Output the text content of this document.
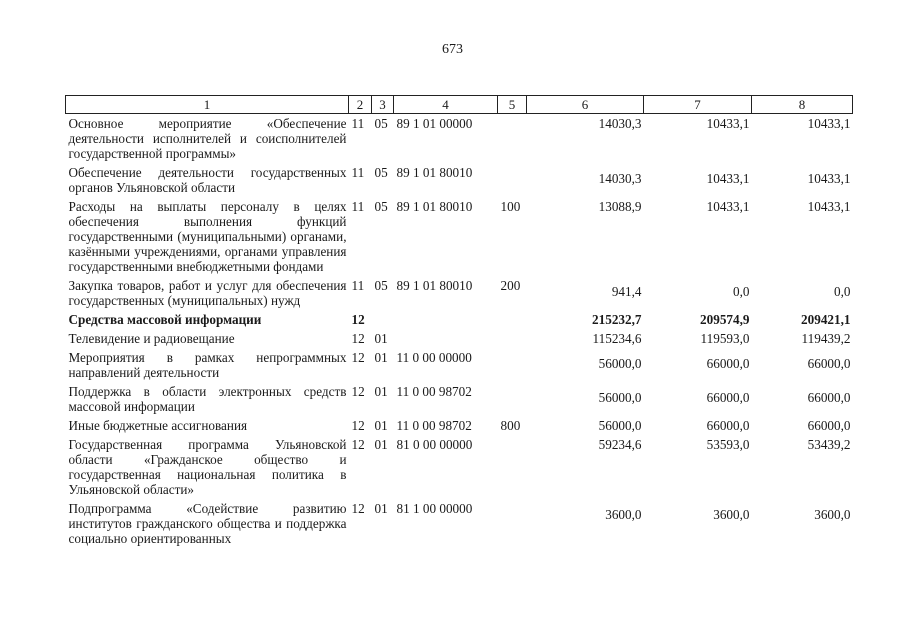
673
1	2	3	4	5	6	7	8
Основное мероприятие «Обеспечение деятельности исполнителей и соисполнителей государственной программы»	11	05	89 1 01 00000		14030,3	10433,1	10433,1
Обеспечение деятельности государственных органов Ульяновской области	11	05	89 1 01 80010		14030,3	10433,1	10433,1
Расходы на выплаты персоналу в целях обеспечения выполнения функций государственными (муниципальными) органами, казёнными учреждениями, органами управления государственными внебюджетными фондами	11	05	89 1 01 80010	100	13088,9	10433,1	10433,1
Закупка товаров, работ и услуг для обеспечения государственных (муниципальных) нужд	11	05	89 1 01 80010	200	941,4	0,0	0,0
Средства массовой информации	12				215232,7	209574,9	209421,1
Телевидение и радиовещание	12	01			115234,6	119593,0	119439,2
Мероприятия в рамках непрограммных направлений деятельности	12	01	11 0 00 00000		56000,0	66000,0	66000,0
Поддержка в области электронных средств массовой информации	12	01	11 0 00 98702		56000,0	66000,0	66000,0
Иные бюджетные ассигнования	12	01	11 0 00 98702	800	56000,0	66000,0	66000,0
Государственная программа Ульяновской области «Гражданское общество и государственная национальная политика в Ульяновской области»	12	01	81 0 00 00000		59234,6	53593,0	53439,2
Подпрограмма «Содействие развитию институтов гражданского общества и поддержка социально ориентированных	12	01	81 1 00 00000		3600,0	3600,0	3600,0
